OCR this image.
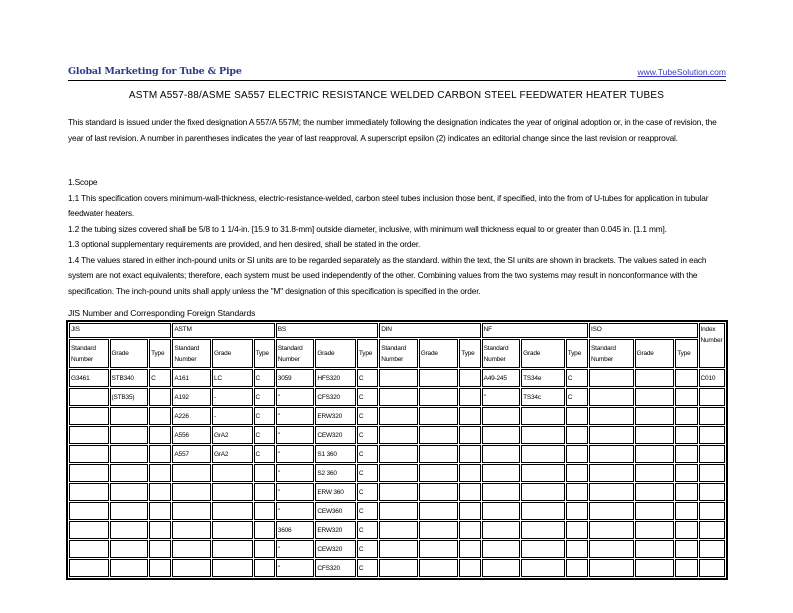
Global Marketing for Tube & Pipe	www.TubeSolution.com
ASTM A557-88/ASME SA557 ELECTRIC RESISTANCE WELDED CARBON STEEL FEEDWATER HEATER TUBES

This standard is issued under the fixed designation A 557/A 557M; the number immediately following the designation indicates the year of original adoption or, in the case of revision, the year of last revision. A number in parentheses indicates the year of last reapproval. A superscript epsilon (2) indicates an editorial change since the last revision or reapproval.

1.Scope
1.1 This specification covers minimum-wall-thickness, electric-resistance-welded, carbon steel tubes inclusion those bent, if specified, into the from of U-tubes for application in tubular feedwater heaters.
1.2 the tubing sizes covered shall be 5/8 to 1 1/4-in. [15.9 to 31.8-mm] outside diameter, inclusive, with minimum wall thickness equal to or greater than 0.045 in. [1.1 mm].
1.3 optional supplementary requirements are provided, and hen desired, shall be stated in the order.
1.4 The values stared in either inch-pound units or SI units are to be regarded separately as the standard. within the text, the SI units are shown in brackets. The values sated in each system are not exact equivalents; therefore, each system must be used independently of the other. Combining values from the two systems may result in nonconformance with the specification. The inch-pound units shall apply unless the "M" designation of this specification is specified in the order.
JIS Number and Corresponding Foreign Standards
JIS			ASTM			BS			DIN			NF			ISO			Index Number
Standard Number	Grade	Type	Standard Number	Grade	Type	Standard Number	Grade	Type	Standard Number	Grade	Type	Standard Number	Grade	Type	Standard Number	Grade	Type	
G3461	STB340	C	A161	LC	C	3059	HFS320	C				A49-245	TS34e	C				C010
	(STB35)		A192	-	C	"	CFS320	C				"	TS34c	C				
			A226	-	C	"	ERW320	C										
			A556	GrA2	C	"	CEW320	C										
			A557	GrA2	C	"	S1 360	C										
						"	S2 360	C										
						"	ERW 360	C										
						"	CEW360	C										
						3606	ERW320	C										
						"	CEW320	C										
						"	CFS320	C										
